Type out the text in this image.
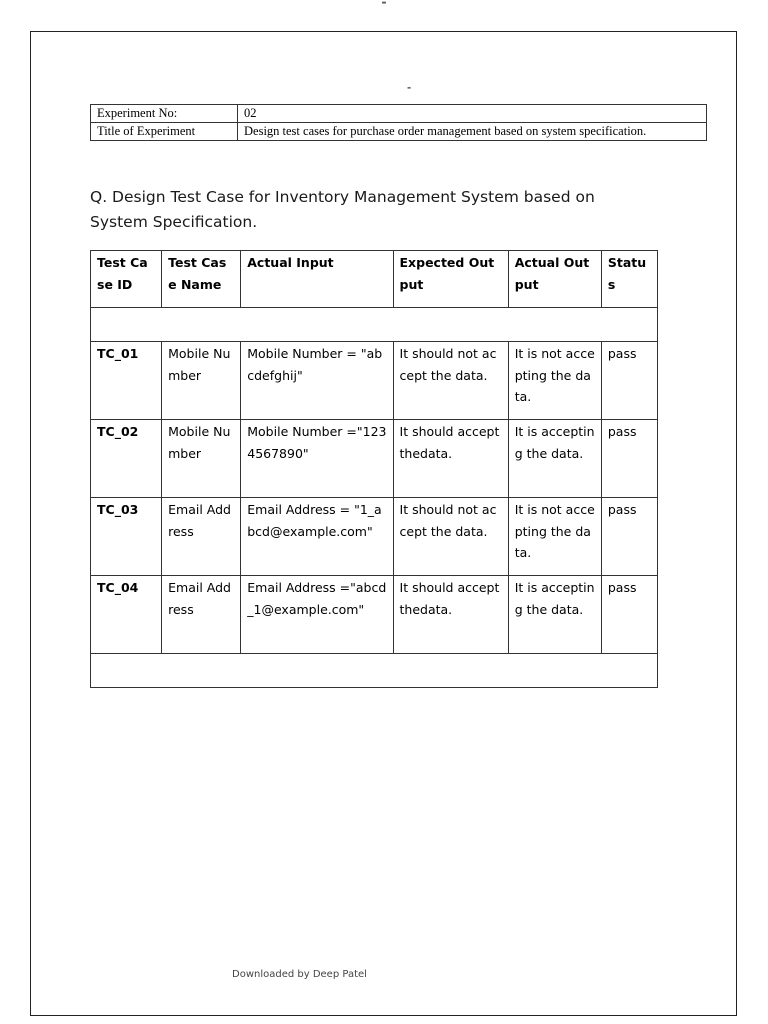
▬
▬
Experiment No:	02
Title of Experiment	Design test cases for purchase order management based on system specification.
Q. Design Test Case for Inventory Management System based on System Specification.
Test Case ID	Test Case Name	Actual Input	Expected Output	Actual Output	Status

TC_01	Mobile Number	Mobile Number = "abcdefghij"	It should not accept the data.	It is not accepting the data.	pass
TC_02	Mobile Number	Mobile Number ="1234567890"	It should accept thedata.	It is accepting the data.	pass
TC_03	Email Address	Email Address = "1_abcd@example.com"	It should not accept the data.	It is not accepting the data.	pass
TC_04	Email Address	Email Address ="abcd_1@example.com"	It should accept thedata.	It is accepting the data.	pass

Downloaded by Deep Patel
